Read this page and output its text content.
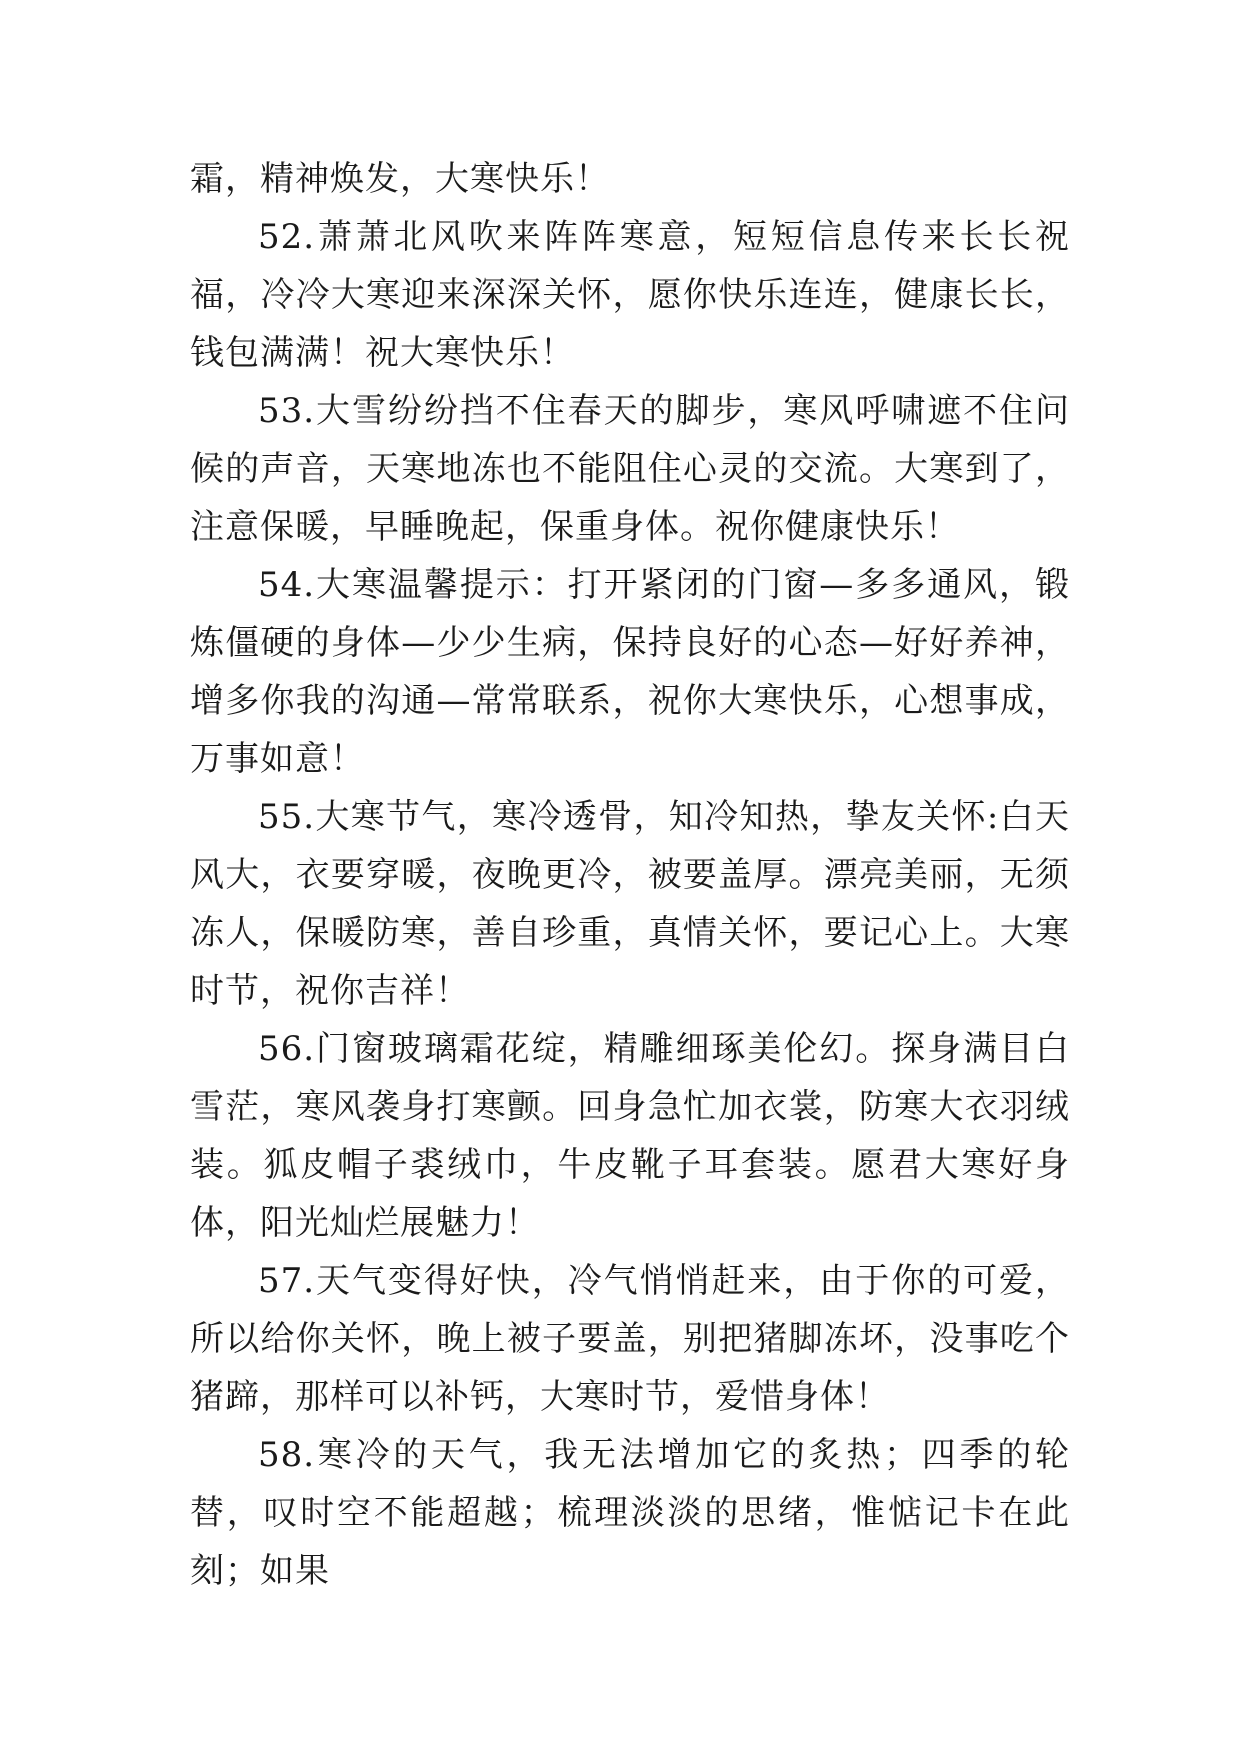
霜，精神焕发，大寒快乐！

52.萧萧北风吹来阵阵寒意，短短信息传来长长祝福，冷冷大寒迎来深深关怀，愿你快乐连连，健康长长，钱包满满！祝大寒快乐！

53.大雪纷纷挡不住春天的脚步，寒风呼啸遮不住问候的声音，天寒地冻也不能阻住心灵的交流。大寒到了，注意保暖，早睡晚起，保重身体。祝你健康快乐！

54.大寒温馨提示：打开紧闭的门窗—多多通风，锻炼僵硬的身体—少少生病，保持良好的心态—好好养神，增多你我的沟通—常常联系，祝你大寒快乐，心想事成，万事如意！

55.大寒节气，寒冷透骨，知冷知热，挚友关怀:白天风大，衣要穿暖，夜晚更冷，被要盖厚。漂亮美丽，无须冻人，保暖防寒，善自珍重，真情关怀，要记心上。大寒时节，祝你吉祥！

56.门窗玻璃霜花绽，精雕细琢美伦幻。探身满目白雪茫，寒风袭身打寒颤。回身急忙加衣裳，防寒大衣羽绒装。狐皮帽子裘绒巾，牛皮靴子耳套装。愿君大寒好身体，阳光灿烂展魅力！

57.天气变得好快，冷气悄悄赶来，由于你的可爱，所以给你关怀，晚上被子要盖，别把猪脚冻坏，没事吃个猪蹄，那样可以补钙，大寒时节，爱惜身体！

58.寒冷的天气，我无法增加它的炙热；四季的轮替，叹时空不能超越；梳理淡淡的思绪，惟惦记卡在此刻；如果
